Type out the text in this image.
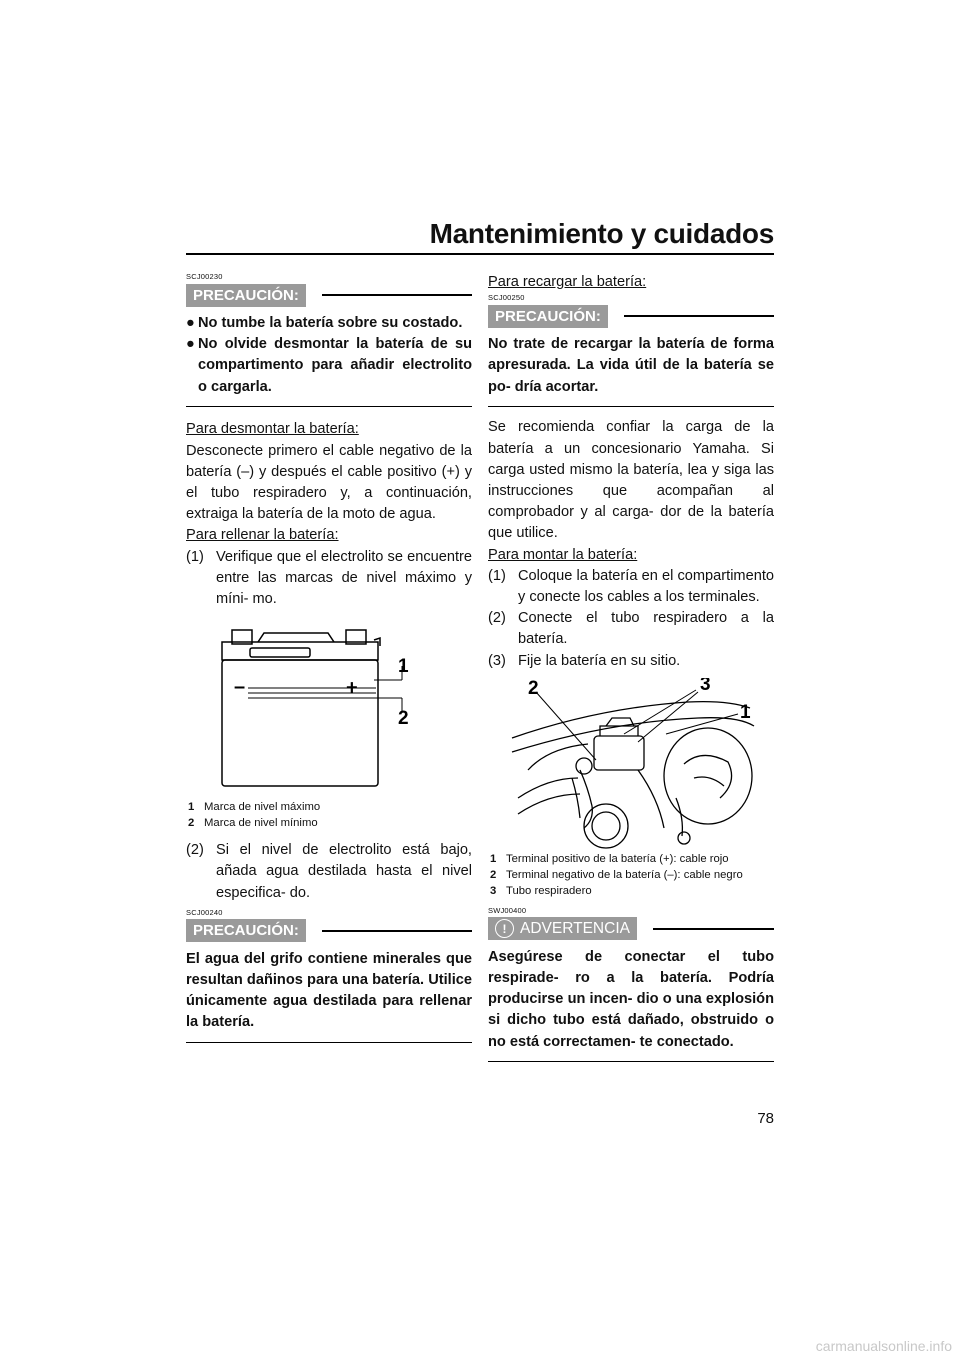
Mantenimiento y cuidados

SCJ00230

PRECAUCIÓN:
● No tumbe la batería sobre su costado.
● No olvide desmontar la batería de su compartimento para añadir electrolito o cargarla.

Para desmontar la batería:

Desconecte primero el cable negativo de la batería (–) y después el cable positivo (+) y el tubo respiradero y, a continuación, extraiga la batería de la moto de agua.

Para rellenar la batería:

(1) Verifique que el electrolito se encuentre entre las marcas de nivel máximo y míni- mo.
–	+
1
2
1 Marca de nivel máximo
2 Marca de nivel mínimo
(2) Si el nivel de electrolito está bajo, añada agua destilada hasta el nivel especifica- do.

SCJ00240

PRECAUCIÓN:
El agua del grifo contiene minerales que resultan dañinos para una batería. Utilice únicamente agua destilada para rellenar la batería.

Para recargar la batería:

SCJ00250

PRECAUCIÓN:
No trate de recargar la batería de forma apresurada. La vida útil de la batería se po- dría acortar.

Se recomienda confiar la carga de la batería a un concesionario Yamaha. Si carga usted mismo la batería, lea y siga las instrucciones que acompañan al comprobador y al carga- dor de la batería que utilice.

Para montar la batería:

(1) Coloque la batería en el compartimento y conecte los cables a los terminales.
(2) Conecte el tubo respiradero a la batería.
(3) Fije la batería en su sitio.
2	3
1
1 Terminal positivo de la batería (+): cable rojo
2 Terminal negativo de la batería (–): cable negro
3 Tubo respiradero

SWJ00400

! ADVERTENCIA
Asegúrese de conectar el tubo respirade- ro a la batería. Podría producirse un incen- dio o una explosión si dicho tubo está dañado, obstruido o no está correctamen- te conectado.
78
carmanualsonline.info
